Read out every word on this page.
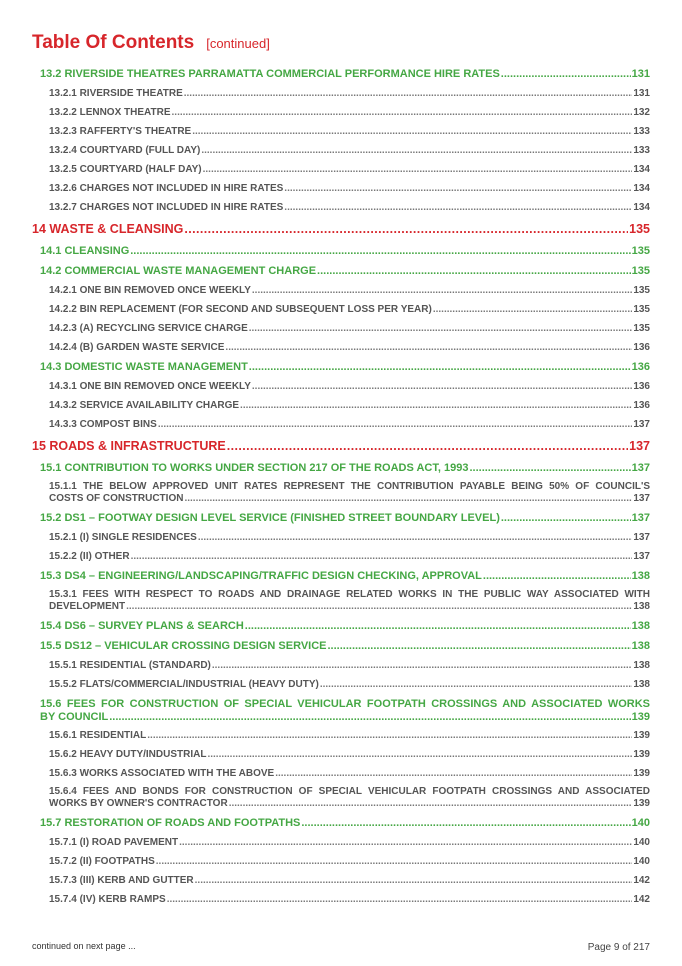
Table Of Contents [continued]
13.2 RIVERSIDE THEATRES PARRAMATTA COMMERCIAL PERFORMANCE HIRE RATES .....	131
13.2.1 RIVERSIDE THEATRE .....	131
13.2.2 LENNOX THEATRE .....	132
13.2.3 RAFFERTY'S THEATRE .....	133
13.2.4 COURTYARD (FULL DAY) .....	133
13.2.5 COURTYARD (HALF DAY) .....	134
13.2.6 CHARGES NOT INCLUDED IN HIRE RATES .....	134
13.2.7 CHARGES NOT INCLUDED IN HIRE RATES .....	134
14 WASTE & CLEANSING .....	135
14.1 CLEANSING .....	135
14.2 COMMERCIAL WASTE MANAGEMENT CHARGE .....	135
14.2.1 ONE BIN REMOVED ONCE WEEKLY .....	135
14.2.2 BIN REPLACEMENT (FOR SECOND AND SUBSEQUENT LOSS PER YEAR) .....	135
14.2.3 (A) RECYCLING SERVICE CHARGE .....	135
14.2.4 (B) GARDEN WASTE SERVICE .....	136
14.3 DOMESTIC WASTE MANAGEMENT .....	136
14.3.1 ONE BIN REMOVED ONCE WEEKLY .....	136
14.3.2 SERVICE AVAILABILITY CHARGE .....	136
14.3.3 COMPOST BINS .....	137
15 ROADS & INFRASTRUCTURE .....	137
15.1 CONTRIBUTION TO WORKS UNDER SECTION 217 OF THE ROADS ACT, 1993 .....	137
15.1.1 THE BELOW APPROVED UNIT RATES REPRESENT THE CONTRIBUTION PAYABLE BEING 50% OF COUNCIL'S
COSTS OF CONSTRUCTION .....	137
15.2 DS1 – FOOTWAY DESIGN LEVEL SERVICE (FINISHED STREET BOUNDARY LEVEL) .....	137
15.2.1 (I) SINGLE RESIDENCES .....	137
15.2.2 (II) OTHER .....	137
15.3 DS4 – ENGINEERING/LANDSCAPING/TRAFFIC DESIGN CHECKING, APPROVAL .....	138
15.3.1 FEES WITH RESPECT TO ROADS AND DRAINAGE RELATED WORKS IN THE PUBLIC WAY ASSOCIATED WITH
DEVELOPMENT .....	138
15.4 DS6 – SURVEY PLANS & SEARCH .....	138
15.5 DS12 – VEHICULAR CROSSING DESIGN SERVICE .....	138
15.5.1 RESIDENTIAL (STANDARD) .....	138
15.5.2 FLATS/COMMERCIAL/INDUSTRIAL (HEAVY DUTY) .....	138
15.6 FEES FOR CONSTRUCTION OF SPECIAL VEHICULAR FOOTPATH CROSSINGS AND ASSOCIATED WORKS
BY COUNCIL .....	139
15.6.1 RESIDENTIAL .....	139
15.6.2 HEAVY DUTY/INDUSTRIAL .....	139
15.6.3 WORKS ASSOCIATED WITH THE ABOVE .....	139
15.6.4 FEES AND BONDS FOR CONSTRUCTION OF SPECIAL VEHICULAR FOOTPATH CROSSINGS AND ASSOCIATED
WORKS BY OWNER'S CONTRACTOR .....	139
15.7 RESTORATION OF ROADS AND FOOTPATHS .....	140
15.7.1 (I) ROAD PAVEMENT .....	140
15.7.2 (II) FOOTPATHS .....	140
15.7.3 (III) KERB AND GUTTER .....	142
15.7.4 (IV) KERB RAMPS .....	142
continued on next page ...	Page 9 of 217
